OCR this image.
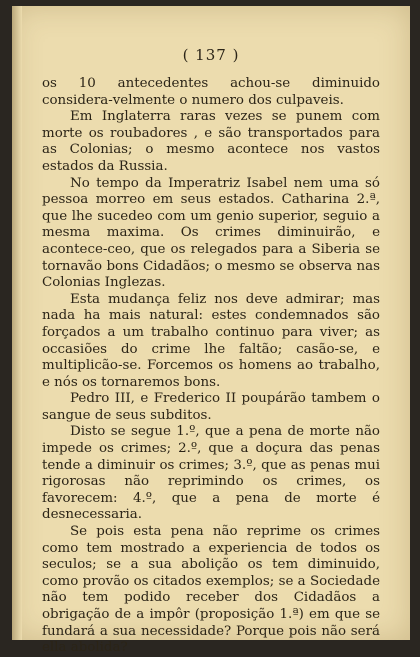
( 137 )

os 10 antecedentes achou-se diminuido considera-velmente o numero dos culpaveis.

Em Inglaterra raras vezes se punem com morte os roubadores , e são transportados para as Colonias; o mesmo acontece nos vastos estados da Russia.

No tempo da Imperatriz Isabel nem uma só pessoa morreo em seus estados. Catharina 2.ª, que lhe sucedeo com um genio superior, seguio a mesma maxima. Os crimes diminuirão, e acontece-ceo, que os relegados para a Siberia se tornavão bons Cidadãos; o mesmo se observa nas Colonias Inglezas.

Esta mudança feliz nos deve admirar; mas nada ha mais natural: estes condemnados são forçados a um trabalho continuo para viver; as occasiões do crime lhe faltão; casão-se, e multiplicão-se. Forcemos os homens ao trabalho, e nós os tornaremos bons.

Pedro III, e Frederico II poupárão tambem o sangue de seus subditos.

Disto se segue 1.º, que a pena de morte não impede os crimes; 2.º, que a doçura das penas tende a diminuir os crimes; 3.º, que as penas mui rigorosas não reprimindo os crimes, os favorecem: 4.º, que a pena de morte é desnecessaria.

Se pois esta pena não reprime os crimes como tem mostrado a experiencia de todos os seculos; se a sua abolição os tem diminuido, como provão os citados exemplos; se a Sociedade não tem podido receber dos Cidadãos a obrigação de a impôr (proposição 1.ª) em que se fundará a sua necessidade? Porque pois não será ella abolida?
